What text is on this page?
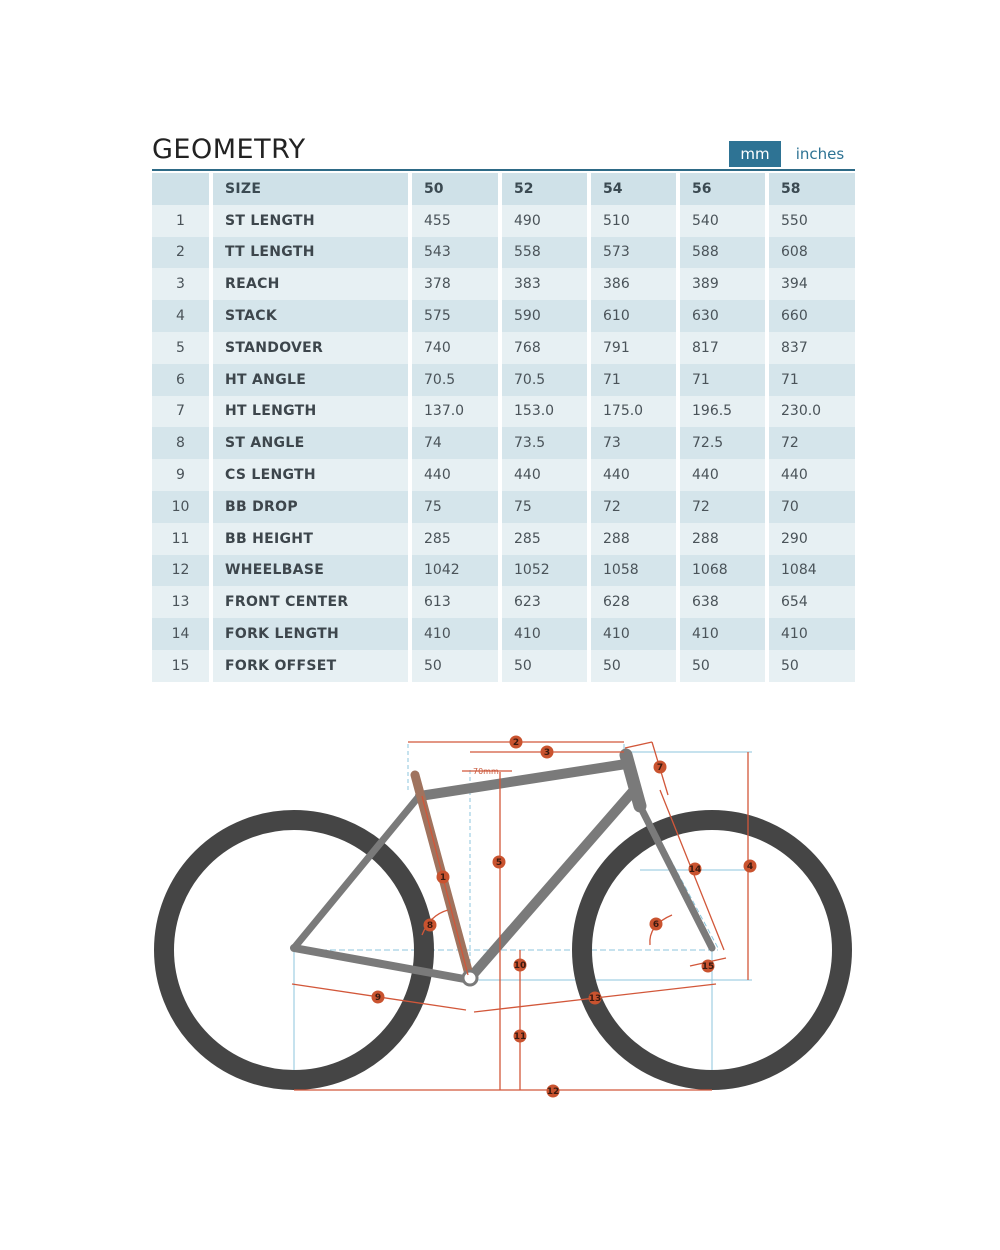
GEOMETRY	mm	inches
	SIZE	50	52	54	56	58
1	ST LENGTH	455	490	510	540	550
2	TT LENGTH	543	558	573	588	608
3	REACH	378	383	386	389	394
4	STACK	575	590	610	630	660
5	STANDOVER	740	768	791	817	837
6	HT ANGLE	70.5	70.5	71	71	71
7	HT LENGTH	137.0	153.0	175.0	196.5	230.0
8	ST ANGLE	74	73.5	73	72.5	72
9	CS LENGTH	440	440	440	440	440
10	BB DROP	75	75	72	72	70
11	BB HEIGHT	285	285	288	288	290
12	WHEELBASE	1042	1052	1058	1068	1084
13	FRONT CENTER	613	623	628	638	654
14	FORK LENGTH	410	410	410	410	410
15	FORK OFFSET	50	50	50	50	50
70mm
1
2
3
4
5
6
7
8
9
10
11
12
13
14
15
